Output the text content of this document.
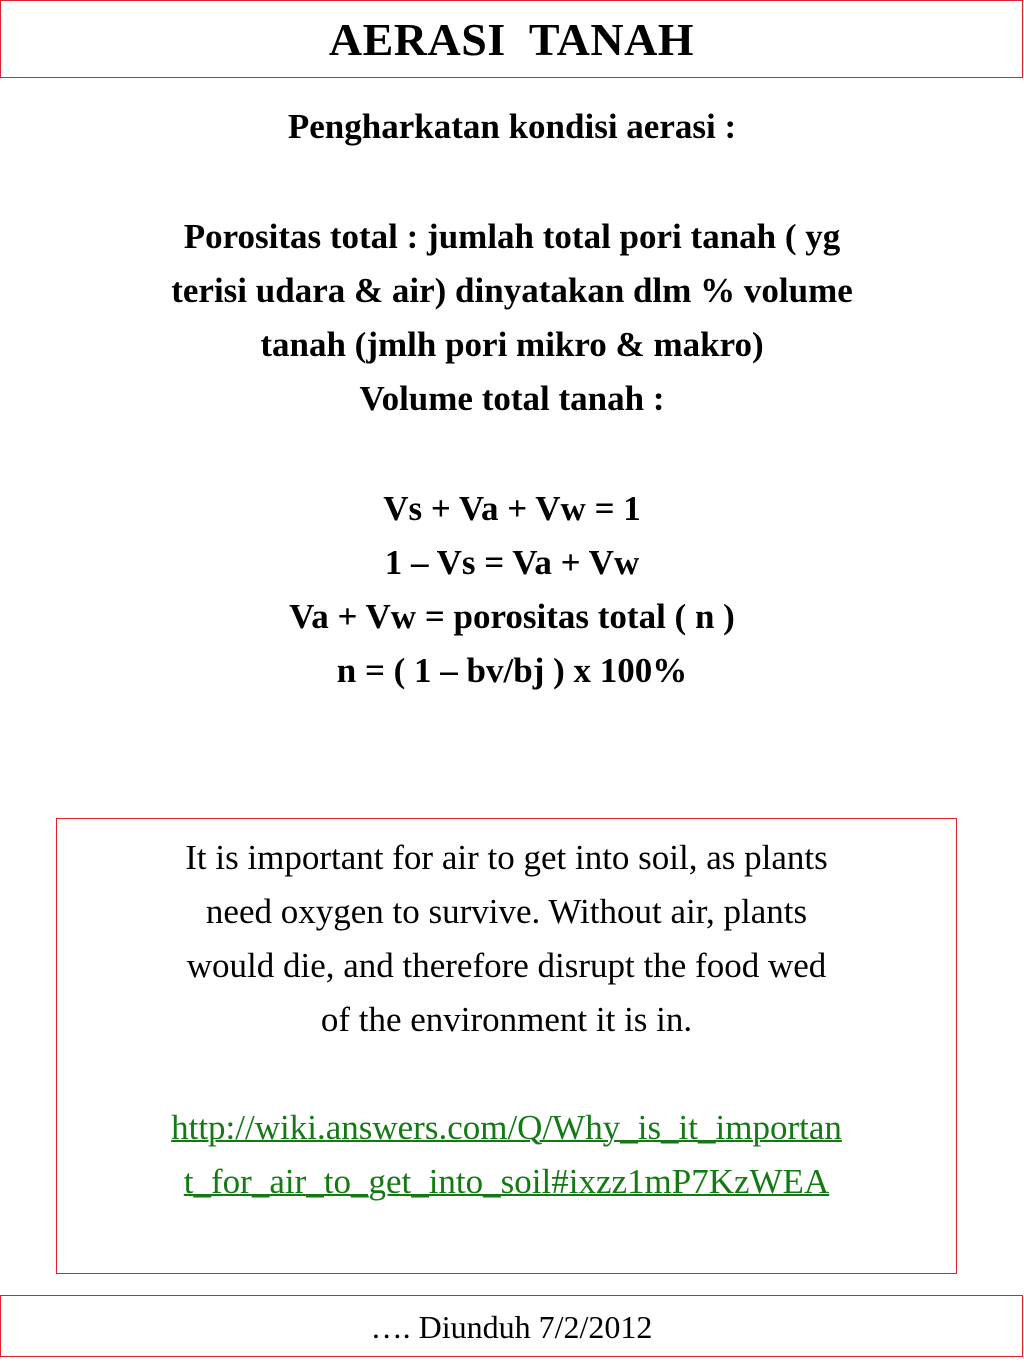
AERASI  TANAH
Pengharkatan kondisi aerasi :
Porositas total : jumlah total pori tanah ( yg
terisi udara & air) dinyatakan dlm % volume
tanah (jmlh pori mikro & makro)
Volume total tanah :
Vs + Va + Vw = 1
1 – Vs = Va + Vw
Va + Vw = porositas total ( n )
n = ( 1 – bv/bj ) x 100%
It is important for air to get into soil, as plants
need oxygen to survive. Without air, plants
would die, and therefore disrupt the food wed
of the environment it is in.
http://wiki.answers.com/Q/Why_is_it_importan
t_for_air_to_get_into_soil#ixzz1mP7KzWEA
…. Diunduh 7/2/2012
